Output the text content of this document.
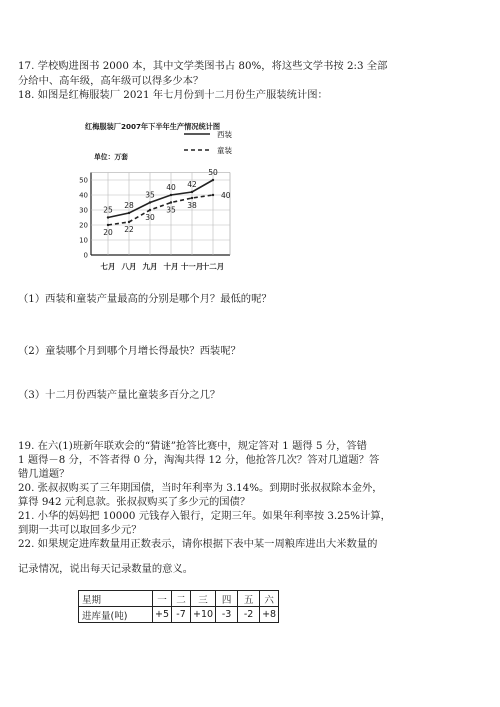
17. 学校购进图书 2000 本，其中文学类图书占 80%，将这些文学书按 2:3 全部
分给中、高年级，高年级可以得多少本？
18. 如图是红梅服装厂 2021 年七月份到十二月份生产服装统计图：
红梅服装厂2007年下半年生产情况统计图
单位：万套
西装
童装
0
10
20
30
40
50
七月 八月 九月 十月 十一月
十二月
25 28
35
40 42
50
20 22
30
35 38
40
（1）西装和童装产量最高的分别是哪个月？最低的呢？
（2）童装哪个月到哪个月增长得最快？西装呢？
（3）十二月份西装产量比童装多百分之几？
19. 在六(1)班新年联欢会的“猜谜”抢答比赛中，规定答对 1 题得 5 分，答错
1 题得－8 分，不答者得 0 分，淘淘共得 12 分，他抢答几次？答对几道题？答
错几道题？
20. 张叔叔购买了三年期国债，当时年利率为 3.14%。到期时张叔叔除本金外，
算得 942 元利息款。张叔叔购买了多少元的国债？
21. 小华的妈妈把 10000 元钱存入银行，定期三年。如果年利率按 3.25%计算，
到期一共可以取回多少元？
22. 如果规定进库数量用正数表示，请你根据下表中某一周粮库进出大米数量的
记录情况，说出每天记录数量的意义。
星期	一	二	三	四	五	六
进库量(吨)	+5	-7	+10	-3	-2	+8
